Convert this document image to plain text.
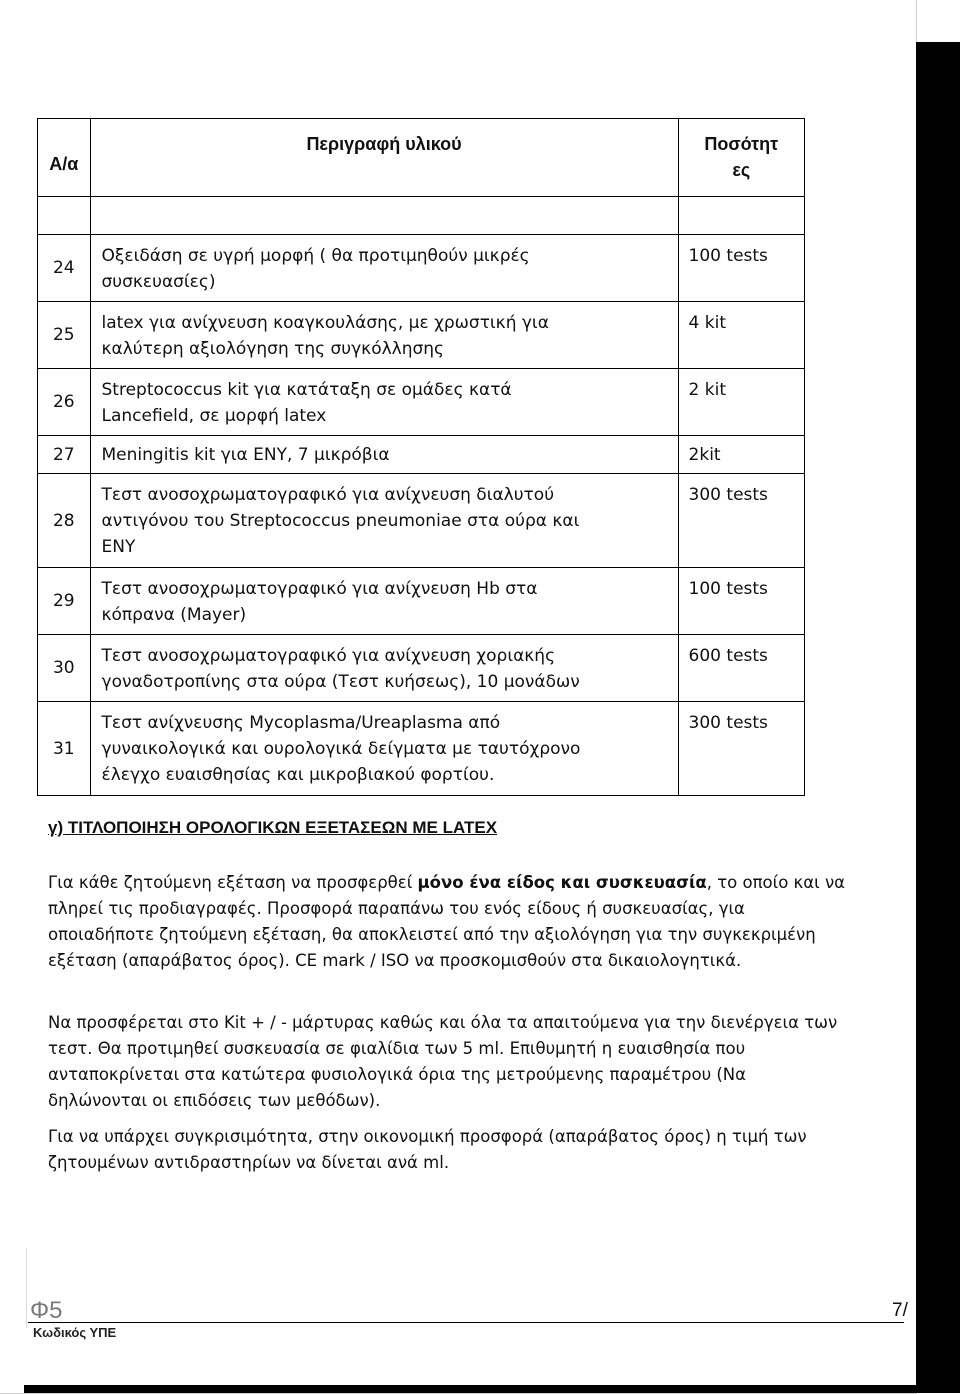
Α/α	Περιγραφή υλικού	Ποσότητ
ες

24	Οξειδάση σε υγρή μορφή ( θα προτιμηθούν μικρές
συσκευασίες)	100 tests

25	latex για ανίχνευση κοαγκουλάσης, με χρωστική για
καλύτερη αξιολόγηση της συγκόλλησης	4 kit

26	Streptococcus kit για κατάταξη σε ομάδες κατά
Lancefield, σε μορφή latex	2 kit

27	Meningitis kit για ΕΝΥ, 7 μικρόβια	2kit

28	Τεστ ανοσοχρωματογραφικό για ανίχνευση διαλυτού
αντιγόνου του Streptococcus pneumoniae στα ούρα και
ΕΝΥ	300 tests

29	Τεστ ανοσοχρωματογραφικό για ανίχνευση Hb στα
κόπρανα (Mayer)	100 tests

30	Τεστ ανοσοχρωματογραφικό για ανίχνευση χοριακής
γοναδοτροπίνης στα ούρα (Τεστ κυήσεως), 10 μονάδων	600 tests

31	Τεστ ανίχνευσης Mycoplasma/Ureaplasma από
γυναικολογικά και ουρολογικά δείγματα με ταυτόχρονο
έλεγχο ευαισθησίας και μικροβιακού φορτίου.	300 tests
γ) ΤΙΤΛΟΠΟΙΗΣΗ ΟΡΟΛΟΓΙΚΩΝ ΕΞΕΤΑΣΕΩΝ ΜΕ LATEX

Για κάθε ζητούμενη εξέταση να προσφερθεί μόνο ένα είδος και συσκευασία, το οποίο και να πληρεί τις προδιαγραφές. Προσφορά παραπάνω του ενός είδους ή συσκευασίας, για οποιαδήποτε ζητούμενη εξέταση, θα αποκλειστεί από την αξιολόγηση για την συγκεκριμένη εξέταση (απαράβατος όρος). CE mark / ISO να προσκομισθούν στα δικαιολογητικά.

Να προσφέρεται στο Kit + / - μάρτυρας καθώς και όλα τα απαιτούμενα για την διενέργεια των τεστ. Θα προτιμηθεί συσκευασία σε φιαλίδια των 5 ml. Επιθυμητή η ευαισθησία που ανταποκρίνεται στα κατώτερα φυσιολογικά όρια της μετρούμενης παραμέτρου (Να δηλώνονται οι επιδόσεις των μεθόδων).

Για να υπάρχει συγκρισιμότητα, στην οικονομική προσφορά (απαράβατος όρος) η τιμή των ζητουμένων αντιδραστηρίων να δίνεται ανά ml.

Φ5
Κωδικός ΥΠΕ
7/
